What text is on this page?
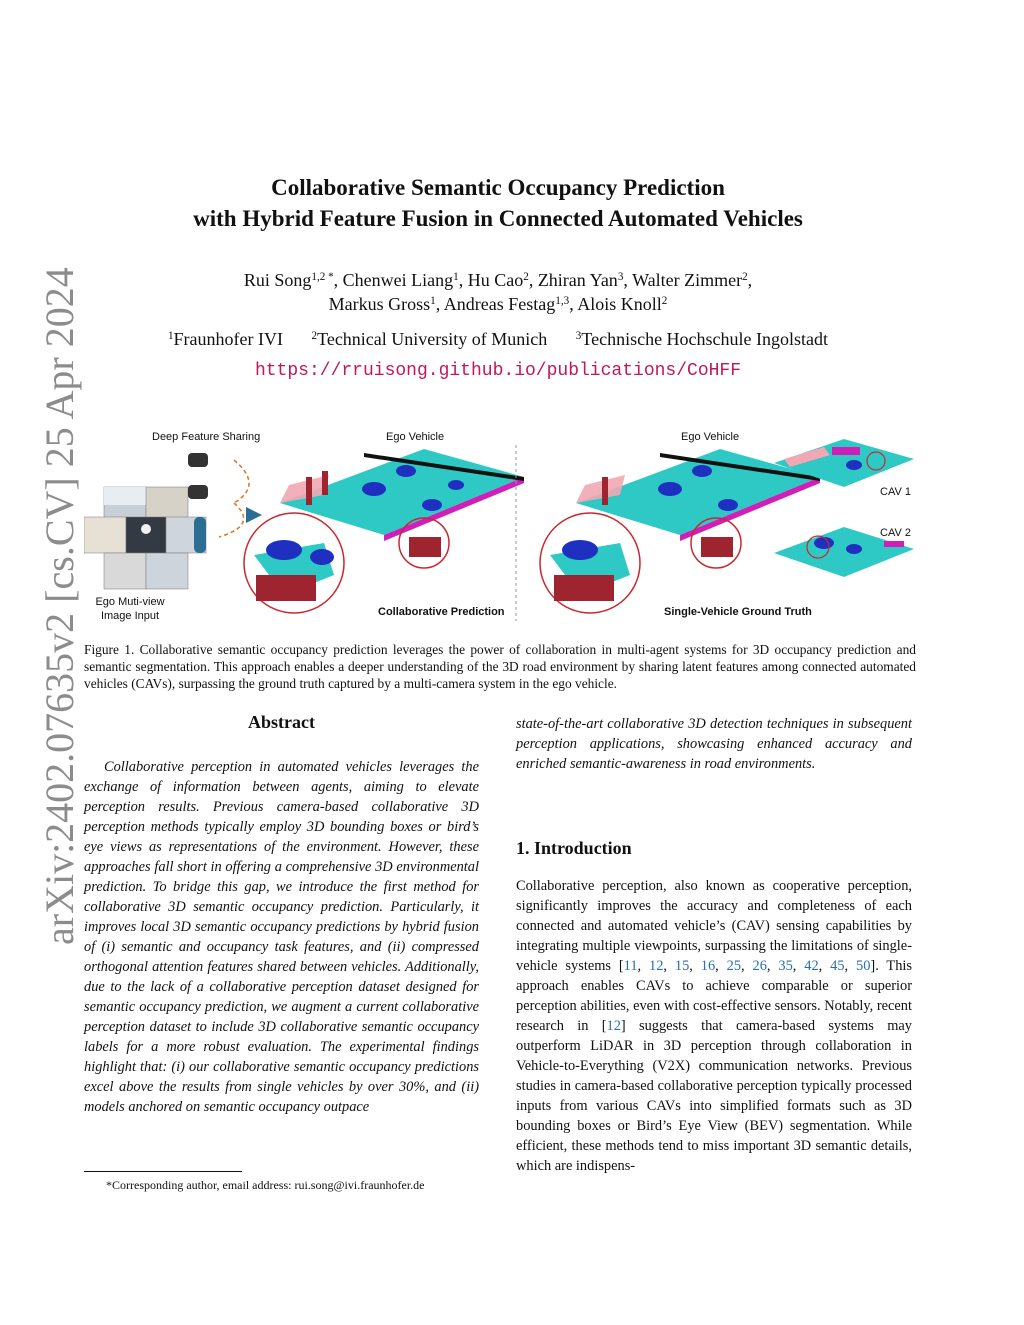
arXiv:2402.07635v2 [cs.CV] 25 Apr 2024
Collaborative Semantic Occupancy Prediction
with Hybrid Feature Fusion in Connected Automated Vehicles
Rui Song$^{1,2 *}$, Chenwei Liang$^1$, Hu Cao$^2$, Zhiran Yan$^3$, Walter Zimmer$^2$,
Markus Gross$^1$, Andreas Festag$^{1,3}$, Alois Knoll$^2$
$^1$Fraunhofer IVI	$^2$Technical University of Munich	$^3$Technische Hochschule Ingolstadt
https://rruisong.github.io/publications/CoHFF
Deep Feature Sharing	Ego Vehicle	Ego Vehicle
Ego Muti-view
Image Input	Collaborative Prediction	Single-Vehicle Ground Truth
CAV 1
CAV 2
Figure 1. Collaborative semantic occupancy prediction leverages the power of collaboration in multi-agent systems for 3D occupancy prediction and semantic segmentation. This approach enables a deeper understanding of the 3D road environment by sharing latent features among connected automated vehicles (CAVs), surpassing the ground truth captured by a multi-camera system in the ego vehicle.
Abstract

Collaborative perception in automated vehicles leverages the exchange of information between agents, aiming to elevate perception results. Previous camera-based collaborative 3D perception methods typically employ 3D bounding boxes or bird’s eye views as representations of the environment. However, these approaches fall short in offering a comprehensive 3D environmental prediction. To bridge this gap, we introduce the first method for collaborative 3D semantic occupancy prediction. Particularly, it improves local 3D semantic occupancy predictions by hybrid fusion of (i) semantic and occupancy task features, and (ii) compressed orthogonal attention features shared between vehicles. Additionally, due to the lack of a collaborative perception dataset designed for semantic occupancy prediction, we augment a current collaborative perception dataset to include 3D collaborative semantic occupancy labels for a more robust evaluation. The experimental findings highlight that: (i) our collaborative semantic occupancy predictions excel above the results from single vehicles by over 30%, and (ii) models anchored on semantic occupancy outpace

state-of-the-art collaborative 3D detection techniques in subsequent perception applications, showcasing enhanced accuracy and enriched semantic-awareness in road environments.

1. Introduction

Collaborative perception, also known as cooperative perception, significantly improves the accuracy and completeness of each connected and automated vehicle’s (CAV) sensing capabilities by integrating multiple viewpoints, surpassing the limitations of single-vehicle systems [11, 12, 15, 16, 25, 26, 35, 42, 45, 50]. This approach enables CAVs to achieve comparable or superior perception abilities, even with cost-effective sensors. Notably, recent research in [12] suggests that camera-based systems may outperform LiDAR in 3D perception through collaboration in Vehicle-to-Everything (V2X) communication networks. Previous studies in camera-based collaborative perception typically processed inputs from various CAVs into simplified formats such as 3D bounding boxes or Bird’s Eye View (BEV) segmentation. While efficient, these methods tend to miss important 3D semantic details, which are indispens-

*Corresponding author, email address: rui.song@ivi.fraunhofer.de
